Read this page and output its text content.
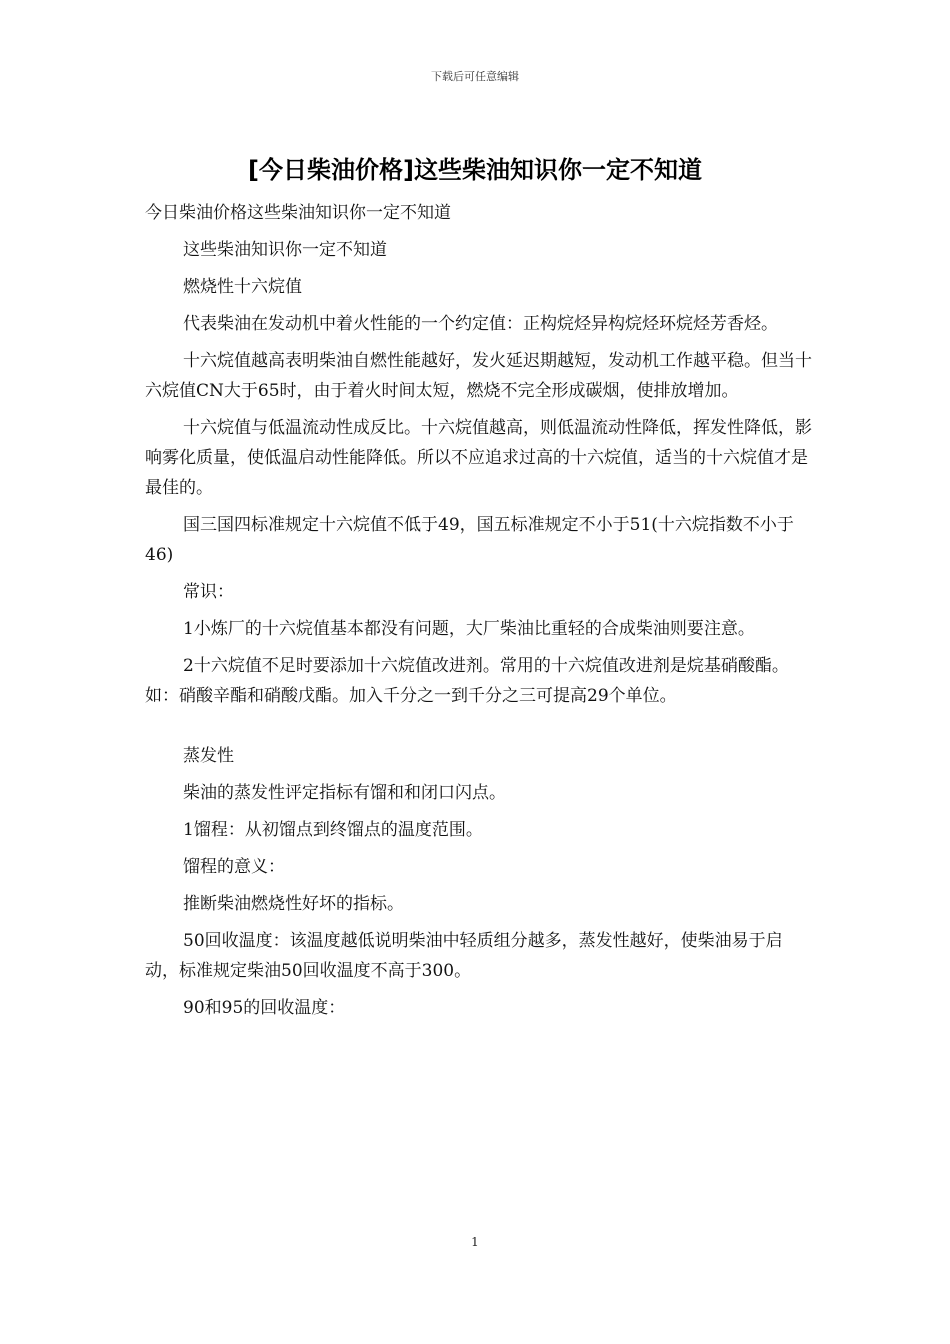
下载后可任意编辑
[今日柴油价格]这些柴油知识你一定不知道

今日柴油价格这些柴油知识你一定不知道

这些柴油知识你一定不知道

燃烧性十六烷值

代表柴油在发动机中着火性能的一个约定值：正构烷烃异构烷烃环烷烃芳香烃。

十六烷值越高表明柴油自燃性能越好，发火延迟期越短，发动机工作越平稳。但当十六烷值CN大于65时，由于着火时间太短，燃烧不完全形成碳烟，使排放增加。

十六烷值与低温流动性成反比。十六烷值越高，则低温流动性降低，挥发性降低，影响雾化质量，使低温启动性能降低。所以不应追求过高的十六烷值，适当的十六烷值才是最佳的。

国三国四标准规定十六烷值不低于49，国五标准规定不小于51(十六烷指数不小于46)

常识：

1小炼厂的十六烷值基本都没有问题，大厂柴油比重轻的合成柴油则要注意。

2十六烷值不足时要添加十六烷值改进剂。常用的十六烷值改进剂是烷基硝酸酯。如：硝酸辛酯和硝酸戊酯。加入千分之一到千分之三可提高29个单位。

蒸发性

柴油的蒸发性评定指标有馏和和闭口闪点。

1馏程：从初馏点到终馏点的温度范围。

馏程的意义：

推断柴油燃烧性好坏的指标。

50回收温度：该温度越低说明柴油中轻质组分越多，蒸发性越好，使柴油易于启动，标准规定柴油50回收温度不高于300。

90和95的回收温度：

1
